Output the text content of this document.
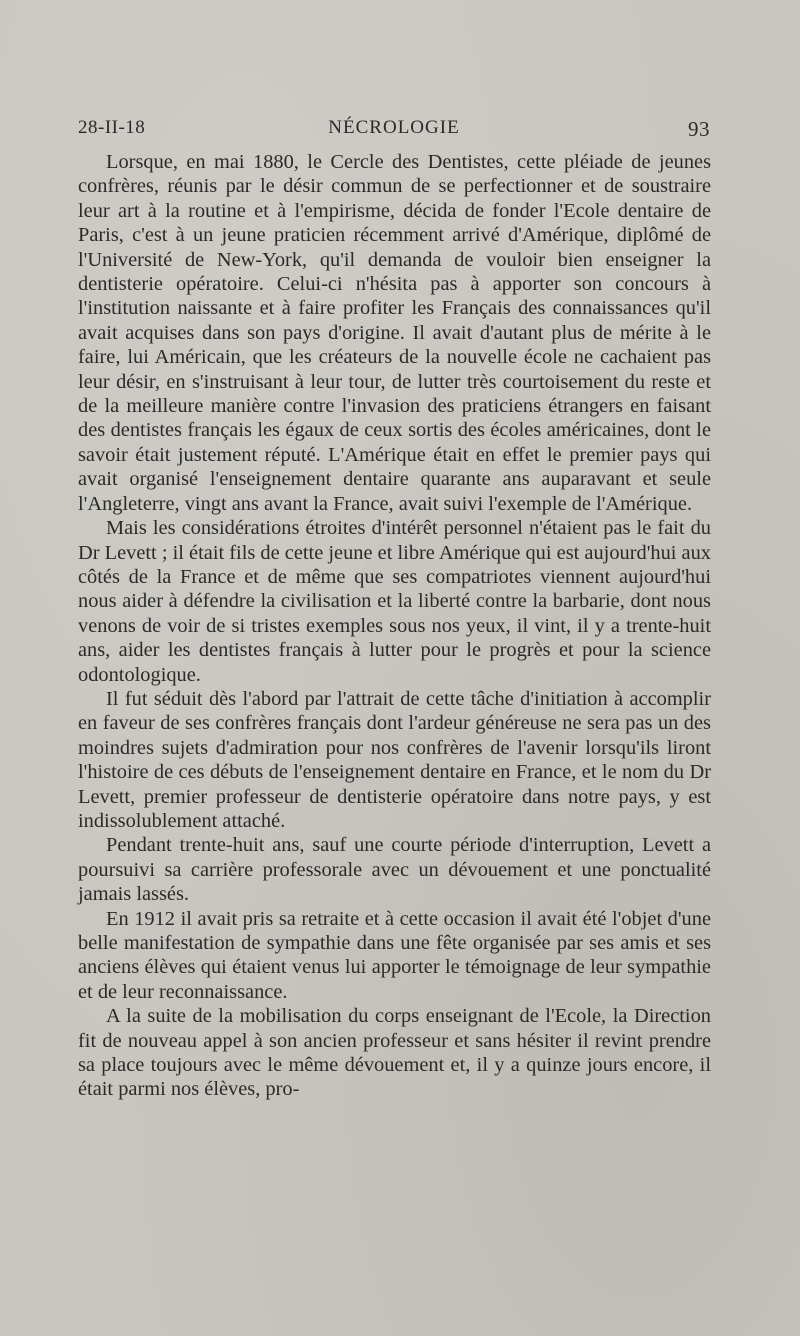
28-II-18	NÉCROLOGIE	93

Lorsque, en mai 1880, le Cercle des Dentistes, cette pléiade de jeunes confrères, réunis par le désir commun de se perfectionner et de soustraire leur art à la routine et à l'empirisme, décida de fonder l'Ecole dentaire de Paris, c'est à un jeune praticien récemment arrivé d'Amérique, diplômé de l'Université de New-York, qu'il demanda de vouloir bien enseigner la dentisterie opératoire. Celui-ci n'hésita pas à apporter son concours à l'institution naissante et à faire profiter les Français des connaissances qu'il avait acquises dans son pays d'origine. Il avait d'autant plus de mérite à le faire, lui Américain, que les créateurs de la nouvelle école ne cachaient pas leur désir, en s'instruisant à leur tour, de lutter très courtoisement du reste et de la meilleure manière contre l'invasion des praticiens étrangers en faisant des dentistes français les égaux de ceux sortis des écoles américaines, dont le savoir était justement réputé. L'Amérique était en effet le premier pays qui avait organisé l'enseignement dentaire quarante ans auparavant et seule l'Angleterre, vingt ans avant la France, avait suivi l'exemple de l'Amérique.

Mais les considérations étroites d'intérêt personnel n'étaient pas le fait du Dr Levett ; il était fils de cette jeune et libre Amérique qui est aujourd'hui aux côtés de la France et de même que ses compatriotes viennent aujourd'hui nous aider à défendre la civilisation et la liberté contre la barbarie, dont nous venons de voir de si tristes exemples sous nos yeux, il vint, il y a trente-huit ans, aider les dentistes français à lutter pour le progrès et pour la science odontologique.

Il fut séduit dès l'abord par l'attrait de cette tâche d'initiation à accomplir en faveur de ses confrères français dont l'ardeur généreuse ne sera pas un des moindres sujets d'admiration pour nos confrères de l'avenir lorsqu'ils liront l'histoire de ces débuts de l'enseignement dentaire en France, et le nom du Dr Levett, premier professeur de dentisterie opératoire dans notre pays, y est indissolublement attaché.

Pendant trente-huit ans, sauf une courte période d'interruption, Levett a poursuivi sa carrière professorale avec un dévouement et une ponctualité jamais lassés.

En 1912 il avait pris sa retraite et à cette occasion il avait été l'objet d'une belle manifestation de sympathie dans une fête organisée par ses amis et ses anciens élèves qui étaient venus lui apporter le témoignage de leur sympathie et de leur reconnaissance.

A la suite de la mobilisation du corps enseignant de l'Ecole, la Direction fit de nouveau appel à son ancien professeur et sans hésiter il revint prendre sa place toujours avec le même dévouement et, il y a quinze jours encore, il était parmi nos élèves, pro-
